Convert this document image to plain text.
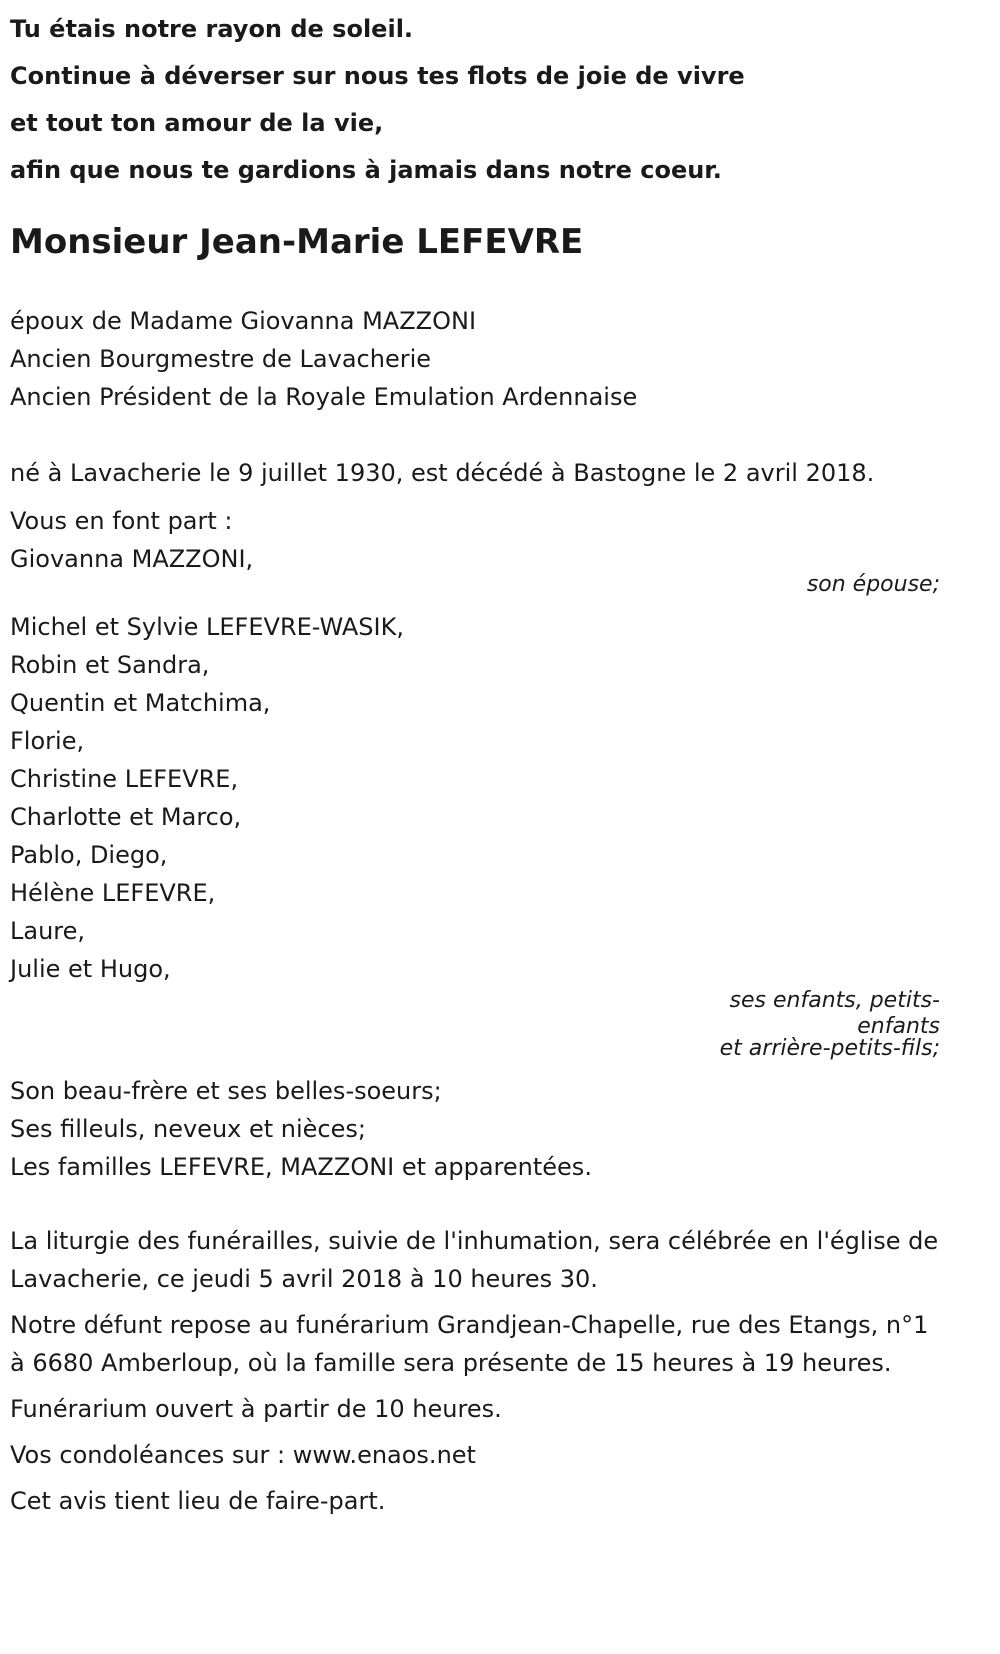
Tu étais notre rayon de soleil.
Continue à déverser sur nous tes flots de joie de vivre
et tout ton amour de la vie,
afin que nous te gardions à jamais dans notre coeur.
Monsieur Jean-Marie LEFEVRE
époux de Madame Giovanna MAZZONI
Ancien Bourgmestre de Lavacherie
Ancien Président de la Royale Emulation Ardennaise
né à Lavacherie le 9 juillet 1930, est décédé à Bastogne le 2 avril 2018.
Vous en font part :
Giovanna MAZZONI,
son épouse;
Michel et Sylvie LEFEVRE-WASIK,
Robin et Sandra,
Quentin et Matchima,
Florie,
Christine LEFEVRE,
Charlotte et Marco,
Pablo, Diego,
Hélène LEFEVRE,
Laure,
Julie et Hugo,
ses enfants, petits-
enfants
et arrière-petits-fils;
Son beau-frère et ses belles-soeurs;
Ses filleuls, neveux et nièces;
Les familles LEFEVRE, MAZZONI et apparentées.
La liturgie des funérailles, suivie de l'inhumation, sera célébrée en l'église de Lavacherie, ce jeudi 5 avril 2018 à 10 heures 30.
Notre défunt repose au funérarium Grandjean-Chapelle, rue des Etangs, n°1 à 6680 Amberloup, où la famille sera présente de 15 heures à 19 heures.
Funérarium ouvert à partir de 10 heures.
Vos condoléances sur : www.enaos.net
Cet avis tient lieu de faire-part.
